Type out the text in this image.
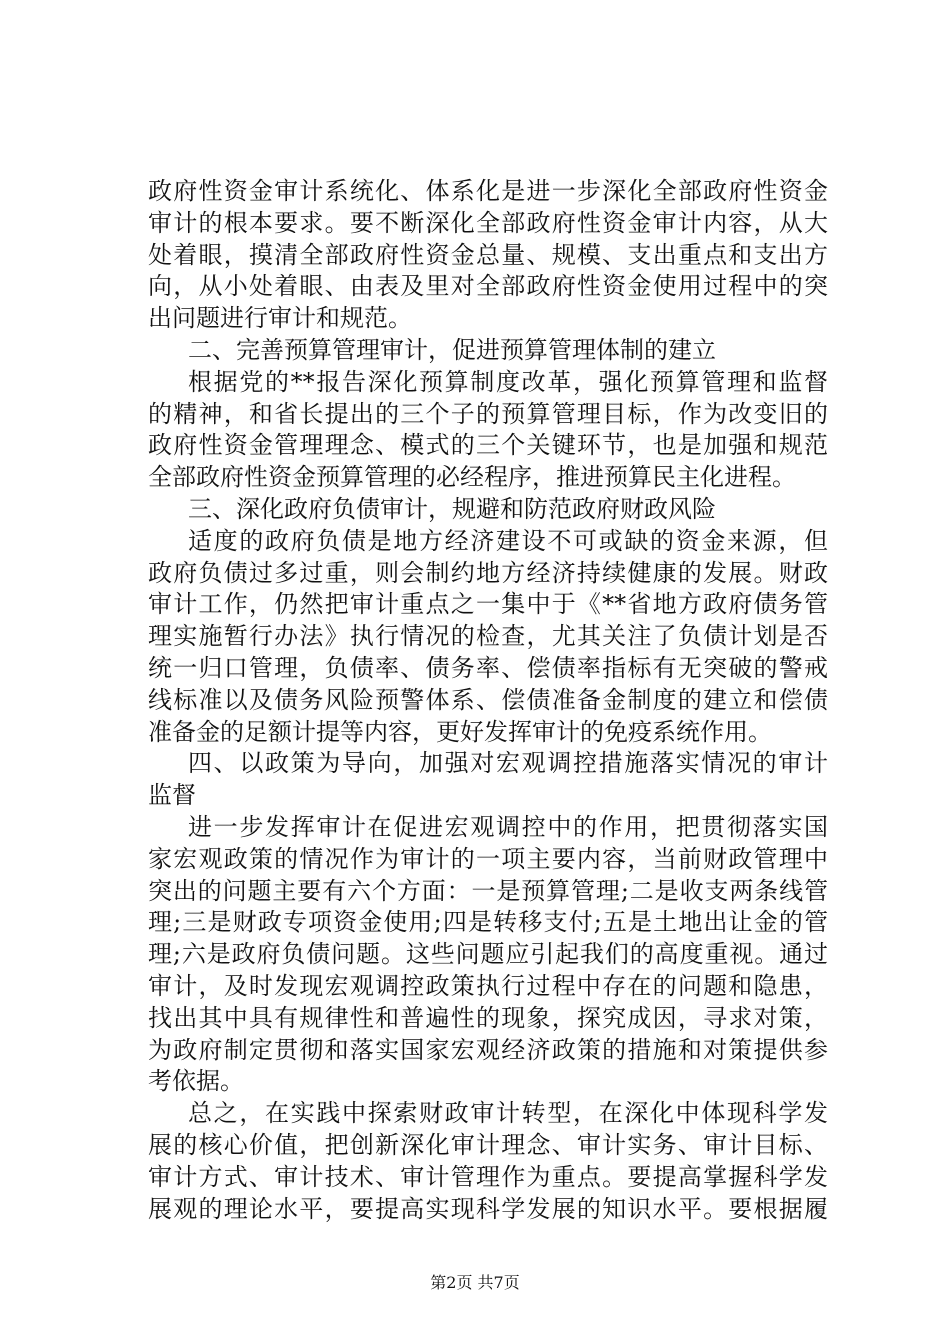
政府性资金审计系统化、体系化是进一步深化全部政府性资金
审计的根本要求。要不断深化全部政府性资金审计内容，从大
处着眼，摸清全部政府性资金总量、规模、支出重点和支出方
向，从小处着眼、由表及里对全部政府性资金使用过程中的突
出问题进行审计和规范。
二、完善预算管理审计，促进预算管理体制的建立
根据党的**报告深化预算制度改革，强化预算管理和监督
的精神，和省长提出的三个子的预算管理目标，作为改变旧的
政府性资金管理理念、模式的三个关键环节，也是加强和规范
全部政府性资金预算管理的必经程序，推进预算民主化进程。
三、深化政府负债审计，规避和防范政府财政风险
适度的政府负债是地方经济建设不可或缺的资金来源，但
政府负债过多过重，则会制约地方经济持续健康的发展。财政
审计工作，仍然把审计重点之一集中于《**省地方政府债务管
理实施暂行办法》执行情况的检查，尤其关注了负债计划是否
统一归口管理，负债率、债务率、偿债率指标有无突破的警戒
线标准以及债务风险预警体系、偿债准备金制度的建立和偿债
准备金的足额计提等内容，更好发挥审计的免疫系统作用。
四、以政策为导向，加强对宏观调控措施落实情况的审计
监督
进一步发挥审计在促进宏观调控中的作用，把贯彻落实国
家宏观政策的情况作为审计的一项主要内容，当前财政管理中
突出的问题主要有六个方面：一是预算管理;二是收支两条线管
理;三是财政专项资金使用;四是转移支付;五是土地出让金的管
理;六是政府负债问题。这些问题应引起我们的高度重视。通过
审计，及时发现宏观调控政策执行过程中存在的问题和隐患，
找出其中具有规律性和普遍性的现象，探究成因，寻求对策，
为政府制定贯彻和落实国家宏观经济政策的措施和对策提供参
考依据。
总之，在实践中探索财政审计转型，在深化中体现科学发
展的核心价值，把创新深化审计理念、审计实务、审计目标、
审计方式、审计技术、审计管理作为重点。要提高掌握科学发
展观的理论水平，要提高实现科学发展的知识水平。要根据履
第2页 共7页
